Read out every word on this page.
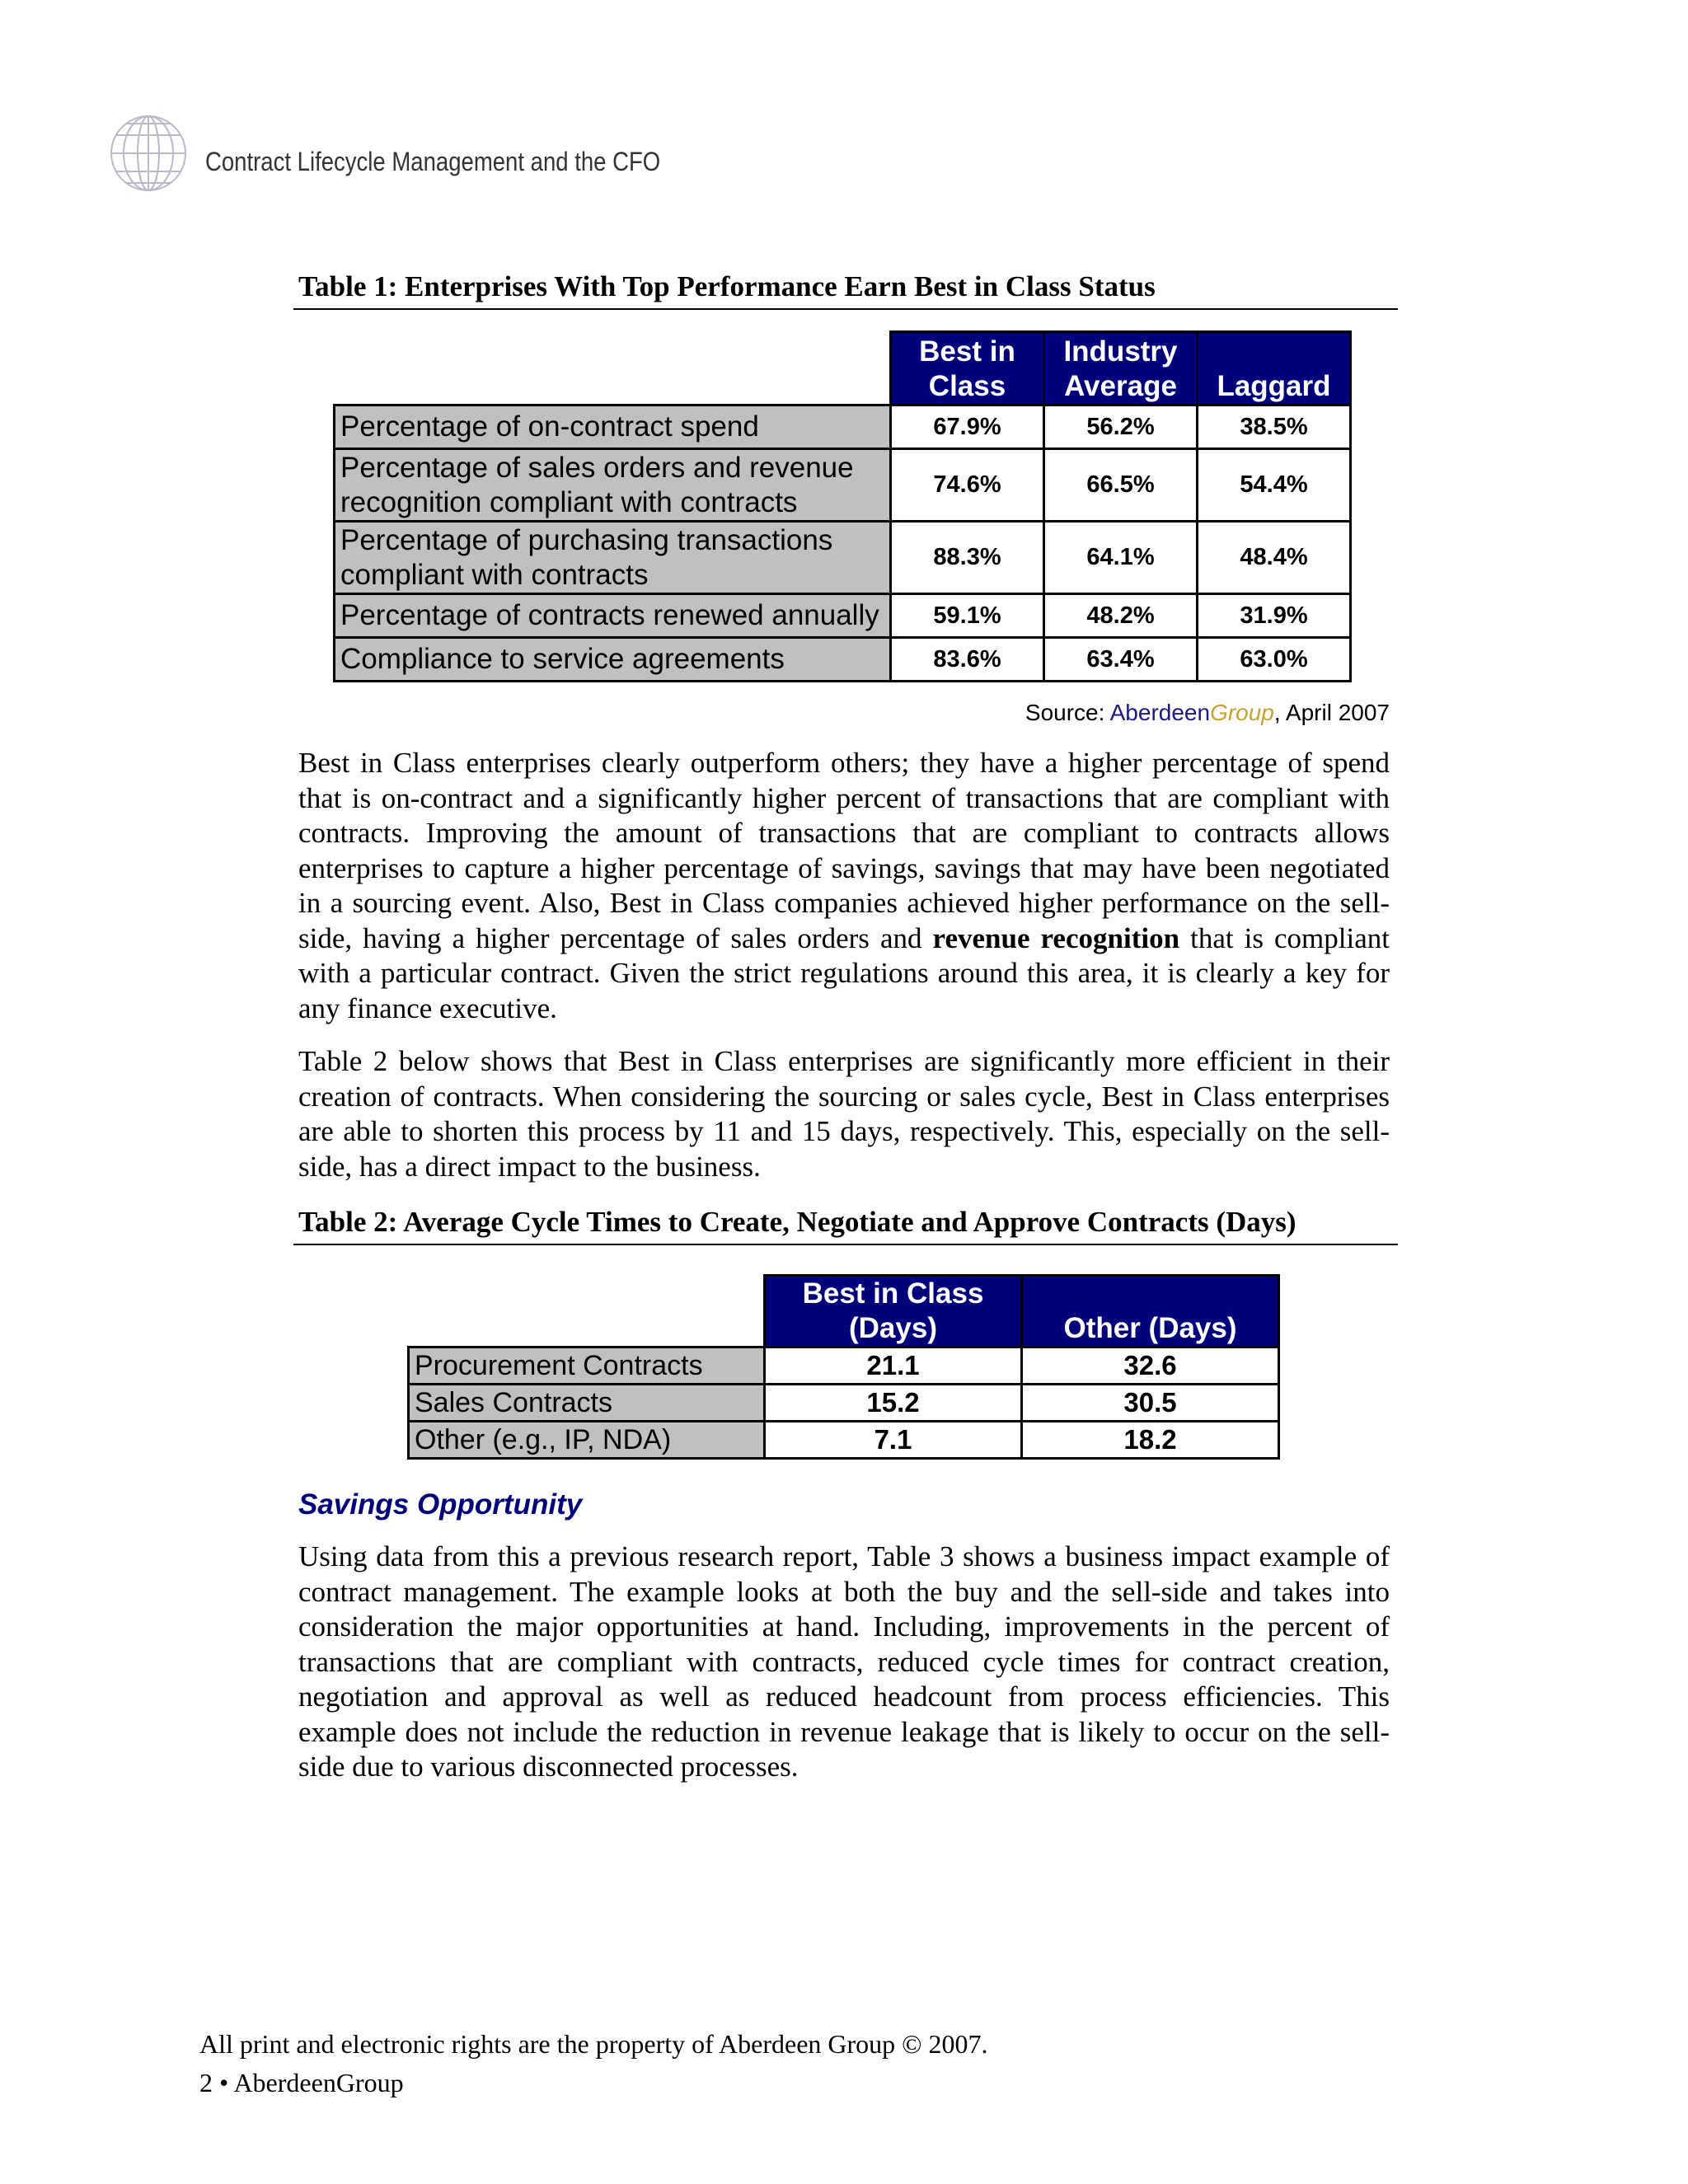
Contract Lifecycle Management and the CFO
Table 1: Enterprises With Top Performance Earn Best in Class Status
	Best in Class	Industry Average	Laggard
Percentage of on-contract spend	67.9%	56.2%	38.5%
Percentage of sales orders and revenue recognition compliant with contracts	74.6%	66.5%	54.4%
Percentage of purchasing transactions compliant with contracts	88.3%	64.1%	48.4%
Percentage of contracts renewed annually	59.1%	48.2%	31.9%
Compliance to service agreements	83.6%	63.4%	63.0%
Source: AberdeenGroup, April 2007

Best in Class enterprises clearly outperform others; they have a higher percentage of spend that is on-contract and a significantly higher percent of transactions that are compliant with contracts. Improving the amount of transactions that are compliant to contracts allows enterprises to capture a higher percentage of savings, savings that may have been negotiated in a sourcing event. Also, Best in Class companies achieved higher performance on the sell-side, having a higher percentage of sales orders and revenue recognition that is compliant with a particular contract. Given the strict regulations around this area, it is clearly a key for any finance executive.

Table 2 below shows that Best in Class enterprises are significantly more efficient in their creation of contracts. When considering the sourcing or sales cycle, Best in Class enterprises are able to shorten this process by 11 and 15 days, respectively. This, especially on the sell-side, has a direct impact to the business.

Table 2: Average Cycle Times to Create, Negotiate and Approve Contracts (Days)
	Best in Class (Days)	Other (Days)
Procurement Contracts	21.1	32.6
Sales Contracts	15.2	30.5
Other (e.g., IP, NDA)	7.1	18.2
Savings Opportunity

Using data from this a previous research report, Table 3 shows a business impact example of contract management. The example looks at both the buy and the sell-side and takes into consideration the major opportunities at hand. Including, improvements in the percent of transactions that are compliant with contracts, reduced cycle times for contract creation, negotiation and approval as well as reduced headcount from process efficiencies. This example does not include the reduction in revenue leakage that is likely to occur on the sell-side due to various disconnected processes.

All print and electronic rights are the property of Aberdeen Group © 2007.
2 • AberdeenGroup
